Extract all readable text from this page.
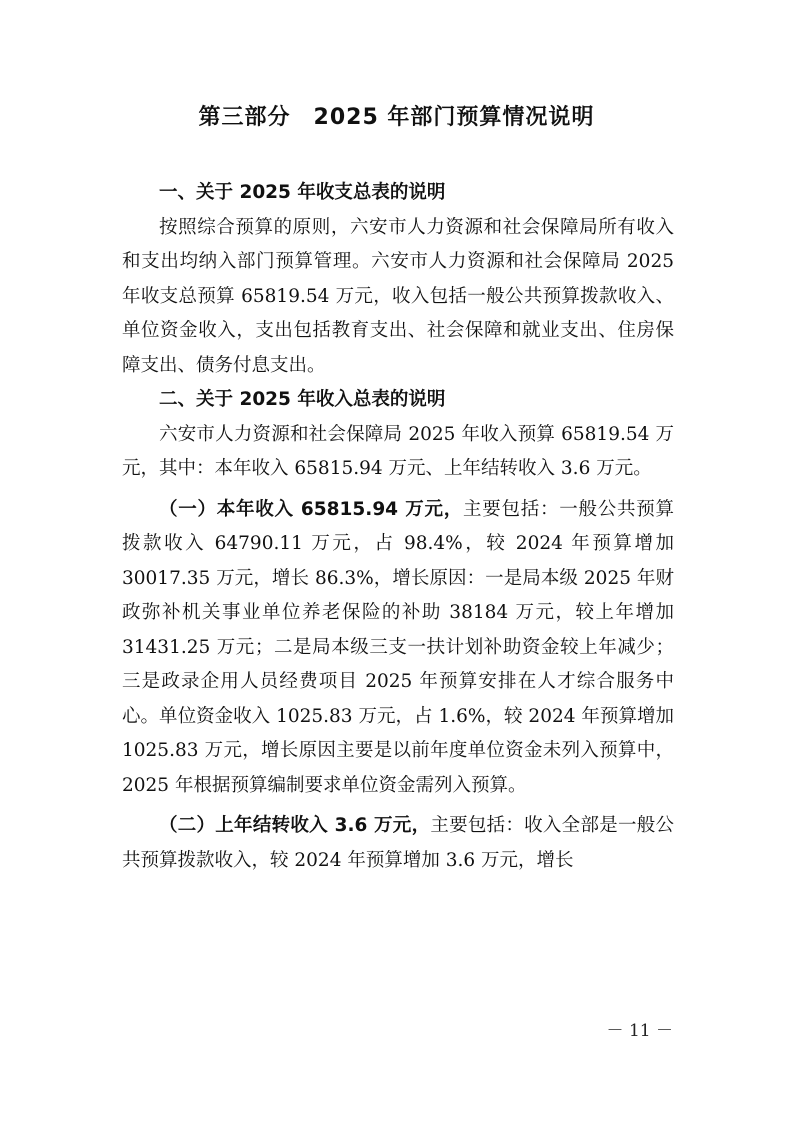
第三部分　2025 年部门预算情况说明

一、关于 2025 年收支总表的说明

按照综合预算的原则，六安市人力资源和社会保障局所有收入和支出均纳入部门预算管理。六安市人力资源和社会保障局 2025 年收支总预算 65819.54 万元，收入包括一般公共预算拨款收入、单位资金收入，支出包括教育支出、社会保障和就业支出、住房保障支出、债务付息支出。

二、关于 2025 年收入总表的说明

六安市人力资源和社会保障局 2025 年收入预算 65819.54 万元，其中：本年收入 65815.94 万元、上年结转收入 3.6 万元。

（一）本年收入 65815.94 万元，主要包括：一般公共预算拨款收入 64790.11 万元，占 98.4%，较 2024 年预算增加 30017.35 万元，增长 86.3%，增长原因：一是局本级 2025 年财政弥补机关事业单位养老保险的补助 38184 万元，较上年增加 31431.25 万元；二是局本级三支一扶计划补助资金较上年减少；三是政录企用人员经费项目 2025 年预算安排在人才综合服务中心。单位资金收入 1025.83 万元，占 1.6%，较 2024 年预算增加 1025.83 万元，增长原因主要是以前年度单位资金未列入预算中，2025 年根据预算编制要求单位资金需列入预算。

（二）上年结转收入 3.6 万元，主要包括：收入全部是一般公共预算拨款收入，较 2024 年预算增加 3.6 万元，增长

－ 11 －
